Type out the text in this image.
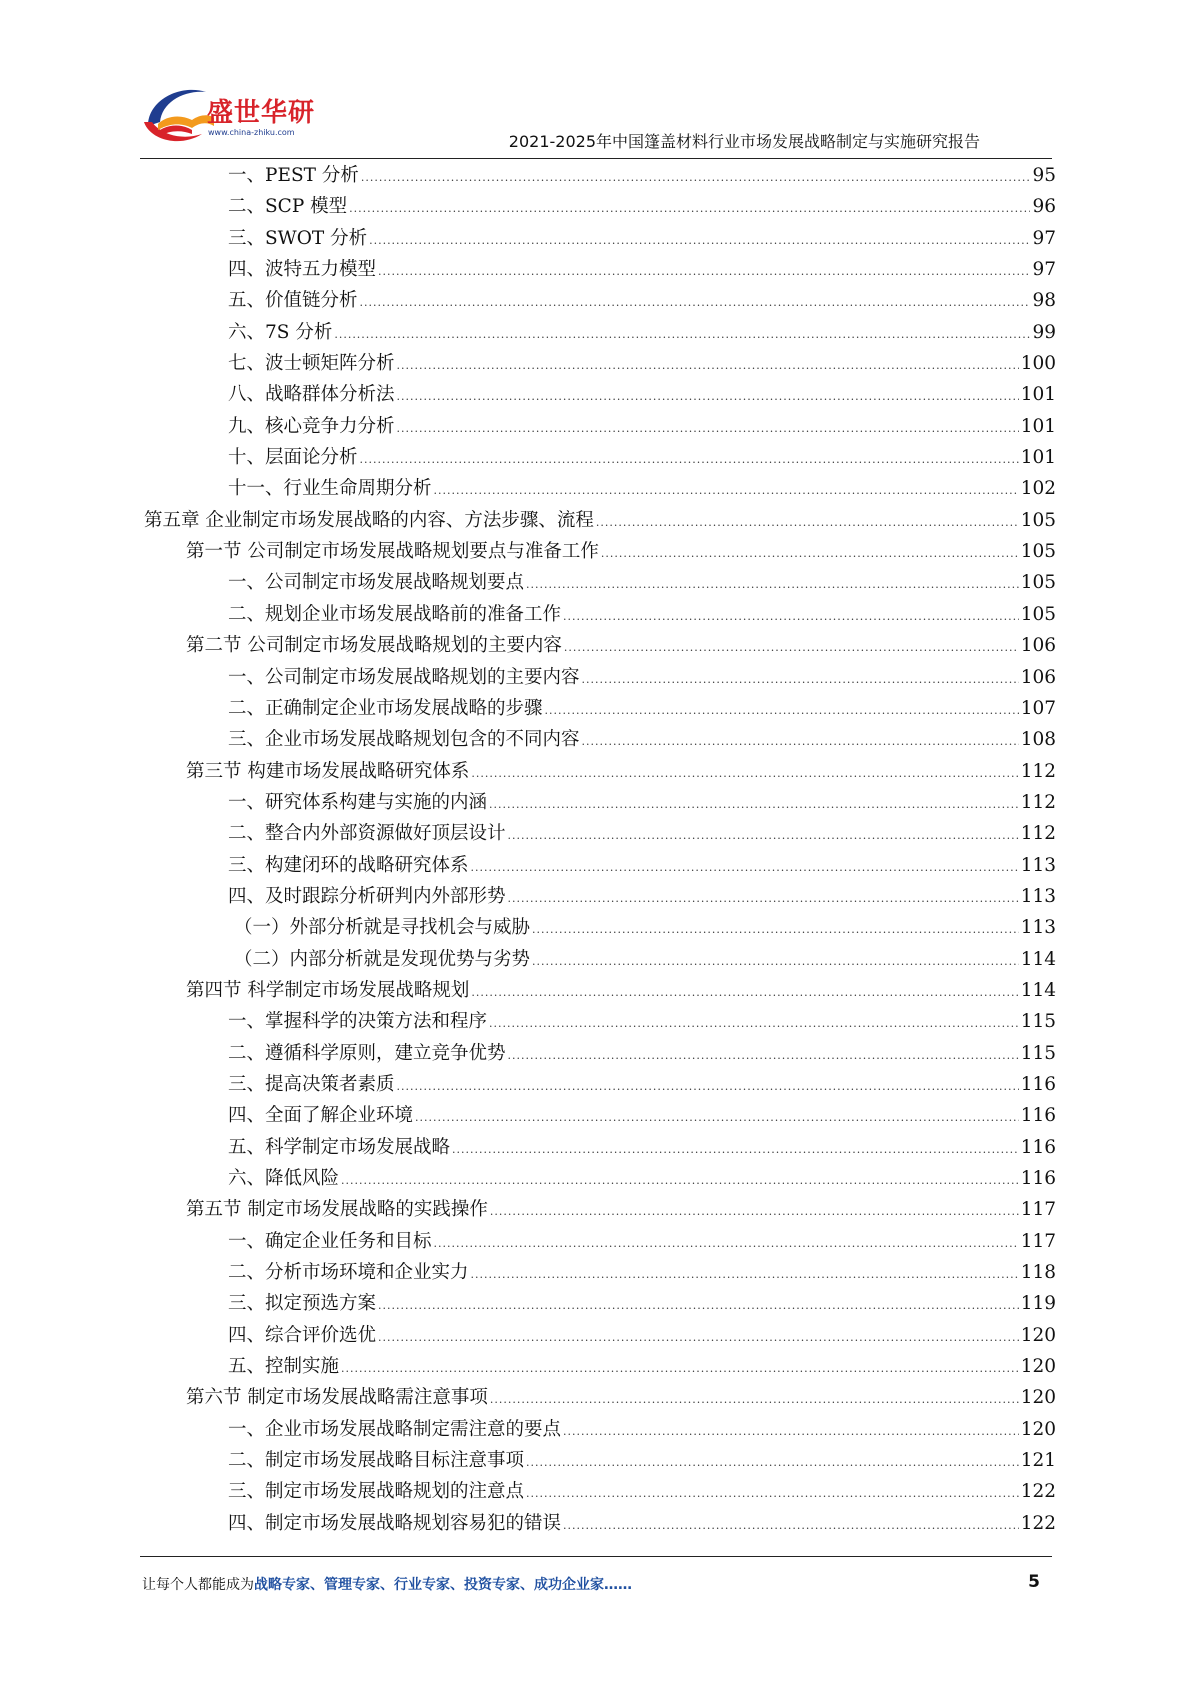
盛世华研
www.china-zhiku.com	2021-2025年中国篷盖材料行业市场发展战略制定与实施研究报告
一、PEST 分析 .....	95
二、SCP 模型 .....	96
三、SWOT 分析 .....	97
四、波特五力模型 .....	97
五、价值链分析 .....	98
六、7S 分析 .....	99
七、波士顿矩阵分析 .....	100
八、战略群体分析法 .....	101
九、核心竞争力分析 .....	101
十、层面论分析 .....	101
十一、行业生命周期分析 .....	102
第五章 企业制定市场发展战略的内容、方法步骤、流程 .....	105
第一节 公司制定市场发展战略规划要点与准备工作 .....	105
一、公司制定市场发展战略规划要点 .....	105
二、规划企业市场发展战略前的准备工作 .....	105
第二节 公司制定市场发展战略规划的主要内容 .....	106
一、公司制定市场发展战略规划的主要内容 .....	106
二、正确制定企业市场发展战略的步骤 .....	107
三、企业市场发展战略规划包含的不同内容 .....	108
第三节 构建市场发展战略研究体系 .....	112
一、研究体系构建与实施的内涵 .....	112
二、整合内外部资源做好顶层设计 .....	112
三、构建闭环的战略研究体系 .....	113
四、及时跟踪分析研判内外部形势 .....	113
（一）外部分析就是寻找机会与威胁 .....	113
（二）内部分析就是发现优势与劣势 .....	114
第四节 科学制定市场发展战略规划 .....	114
一、掌握科学的决策方法和程序 .....	115
二、遵循科学原则，建立竞争优势 .....	115
三、提高决策者素质 .....	116
四、全面了解企业环境 .....	116
五、科学制定市场发展战略 .....	116
六、降低风险 .....	116
第五节 制定市场发展战略的实践操作 .....	117
一、确定企业任务和目标 .....	117
二、分析市场环境和企业实力 .....	118
三、拟定预选方案 .....	119
四、综合评价选优 .....	120
五、控制实施 .....	120
第六节 制定市场发展战略需注意事项 .....	120
一、企业市场发展战略制定需注意的要点 .....	120
二、制定市场发展战略目标注意事项 .....	121
三、制定市场发展战略规划的注意点 .....	122
四、制定市场发展战略规划容易犯的错误 .....	122
让每个人都能成为战略专家、管理专家、行业专家、投资专家、成功企业家……	5
